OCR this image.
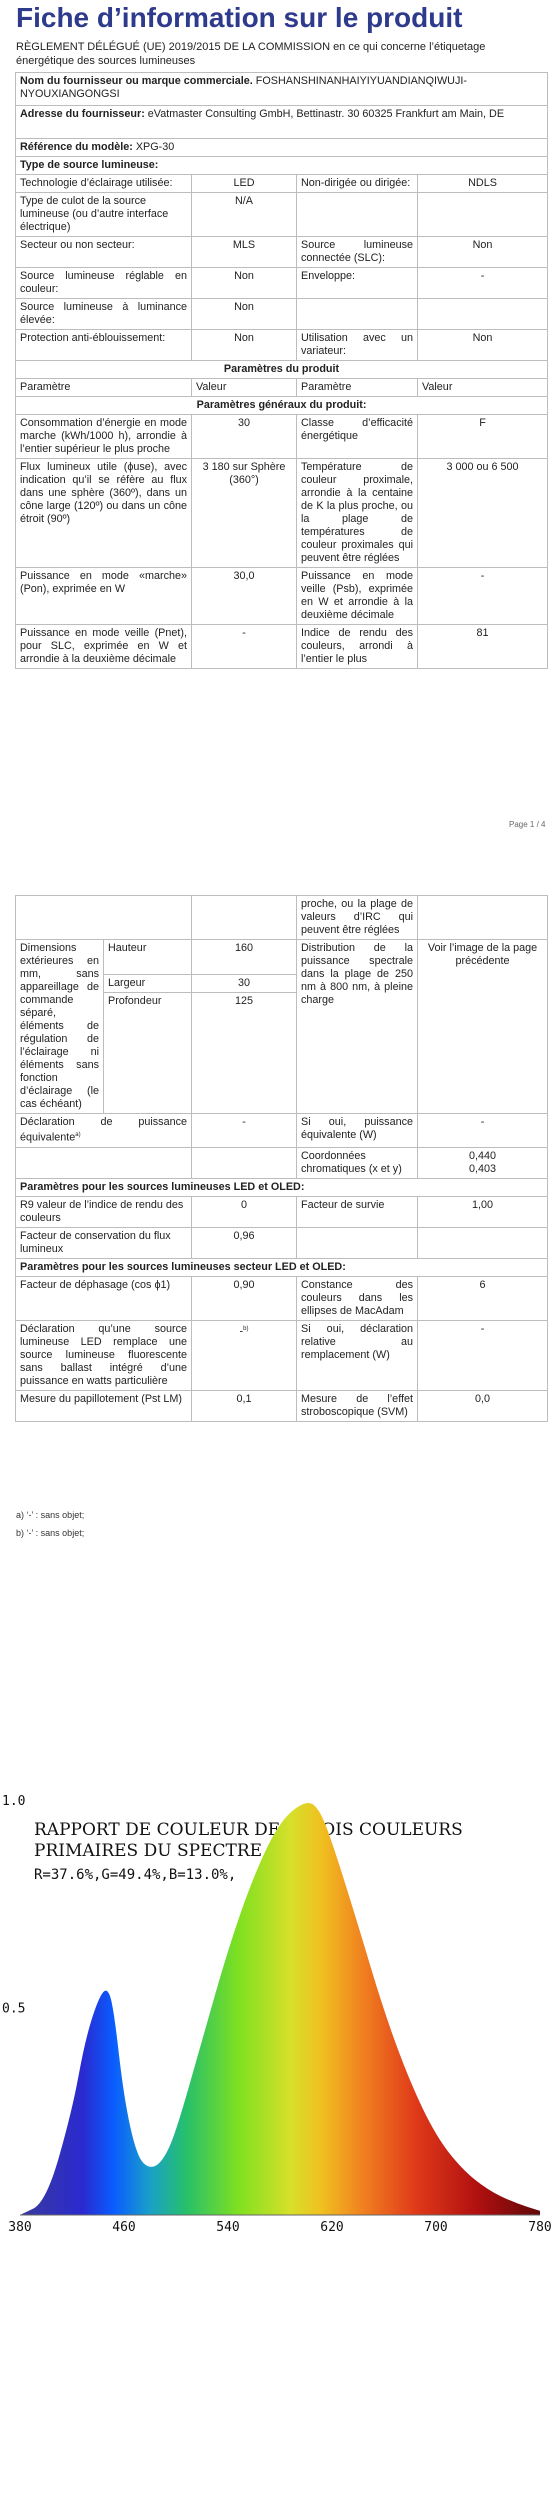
Fiche d’information sur le produit
RÈGLEMENT DÉLÉGUÉ (UE) 2019/2015 DE LA COMMISSION en ce qui concerne l’étiquetage énergétique des sources lumineuses
Nom du fournisseur ou marque commerciale. FOSHANSHINANHAIYIYUANDIANQIWUJI-NYOUXIANGONGSI			
Adresse du fournisseur: eVatmaster Consulting GmbH, Bettinastr. 30 60325 Frankfurt am Main, DE			
Référence du modèle: XPG-30			
Type de source lumineuse:			
Technologie d’éclairage utilisée:	LED	Non-dirigée ou dirigée:	NDLS
Type de culot de la source lumineuse (ou d’autre interface électrique)	N/A		
Secteur ou non secteur:	MLS	Source lumineuse connectée (SLC):	Non
Source lumineuse réglable en couleur:	Non	Enveloppe:	-
Source lumineuse à luminance élevée:	Non		
Protection anti-éblouissement:	Non	Utilisation avec un variateur:	Non
Paramètres du produit			
Paramètre	Valeur	Paramètre	Valeur
Paramètres généraux du produit:			
Consommation d’énergie en mode marche (kWh/1000 h), arrondie à l’entier supérieur le plus proche	30	Classe d’efficacité énergétique	F
Flux lumineux utile (ϕuse), avec indication qu’il se réfère au flux dans une sphère (360º), dans un cône large (120º) ou dans un cône étroit (90º)	3 180 sur Sphère (360°)	Température de couleur proximale, arrondie à la centaine de K la plus proche, ou la plage de températures de couleur proximales qui peuvent être réglées	3 000 ou 6 500
Puissance en mode «marche» (Pon), exprimée en W	30,0	Puissance en mode veille (Psb), exprimée en W et arrondie à la deuxième décimale	-
Puissance en mode veille (Pnet), pour SLC, exprimée en W et arrondie à la deuxième décimale	-	Indice de rendu des couleurs, arrondi à l’entier le plus	81
Page 1 / 4
			proche, ou la plage de valeurs d’IRC qui peuvent être réglées	
Dimensions extérieures en mm, sans appareillage de commande séparé, éléments de régulation de l’éclairage ni éléments sans fonction d’éclairage (le cas échéant)	Hauteur	160	Distribution de la puissance spectrale dans la plage de 250 nm à 800 nm, à pleine charge	Voir l’image de la page précédente
	Largeur	30		
	Profondeur	125		
Déclaration de puissance équivalente$^{a)}$		-	Si oui, puissance équivalente (W)	-
			Coordonnées chromatiques (x et y)	0,440
0,403

Paramètres pour les sources lumineuses LED et OLED:				
R9 valeur de l’indice de rendu des couleurs		0	Facteur de survie	1,00
Facteur de conservation du flux lumineux		0,96		
Paramètres pour les sources lumineuses secteur LED et OLED:				
Facteur de déphasage (cos ϕ1)		0,90	Constance des couleurs dans les ellipses de MacAdam	6
Déclaration qu’une source lumineuse LED remplace une source lumineuse fluorescente sans ballast intégré d’une puissance en watts particulière		-$^{b)}$	Si oui, déclaration relative au remplacement (W)	-
Mesure du papillotement (Pst LM)		0,1	Mesure de l’effet stroboscopique (SVM)	0,0
a) ‘-’ : sans objet;
b) ‘-’ : sans objet;
RAPPORT DE COULEUR DES TROIS COULEURS
PRIMAIRES DU SPECTRE
R=37.6%,G=49.4%,B=13.0%,
380	460	540	620	700	780
1.0
0.5
